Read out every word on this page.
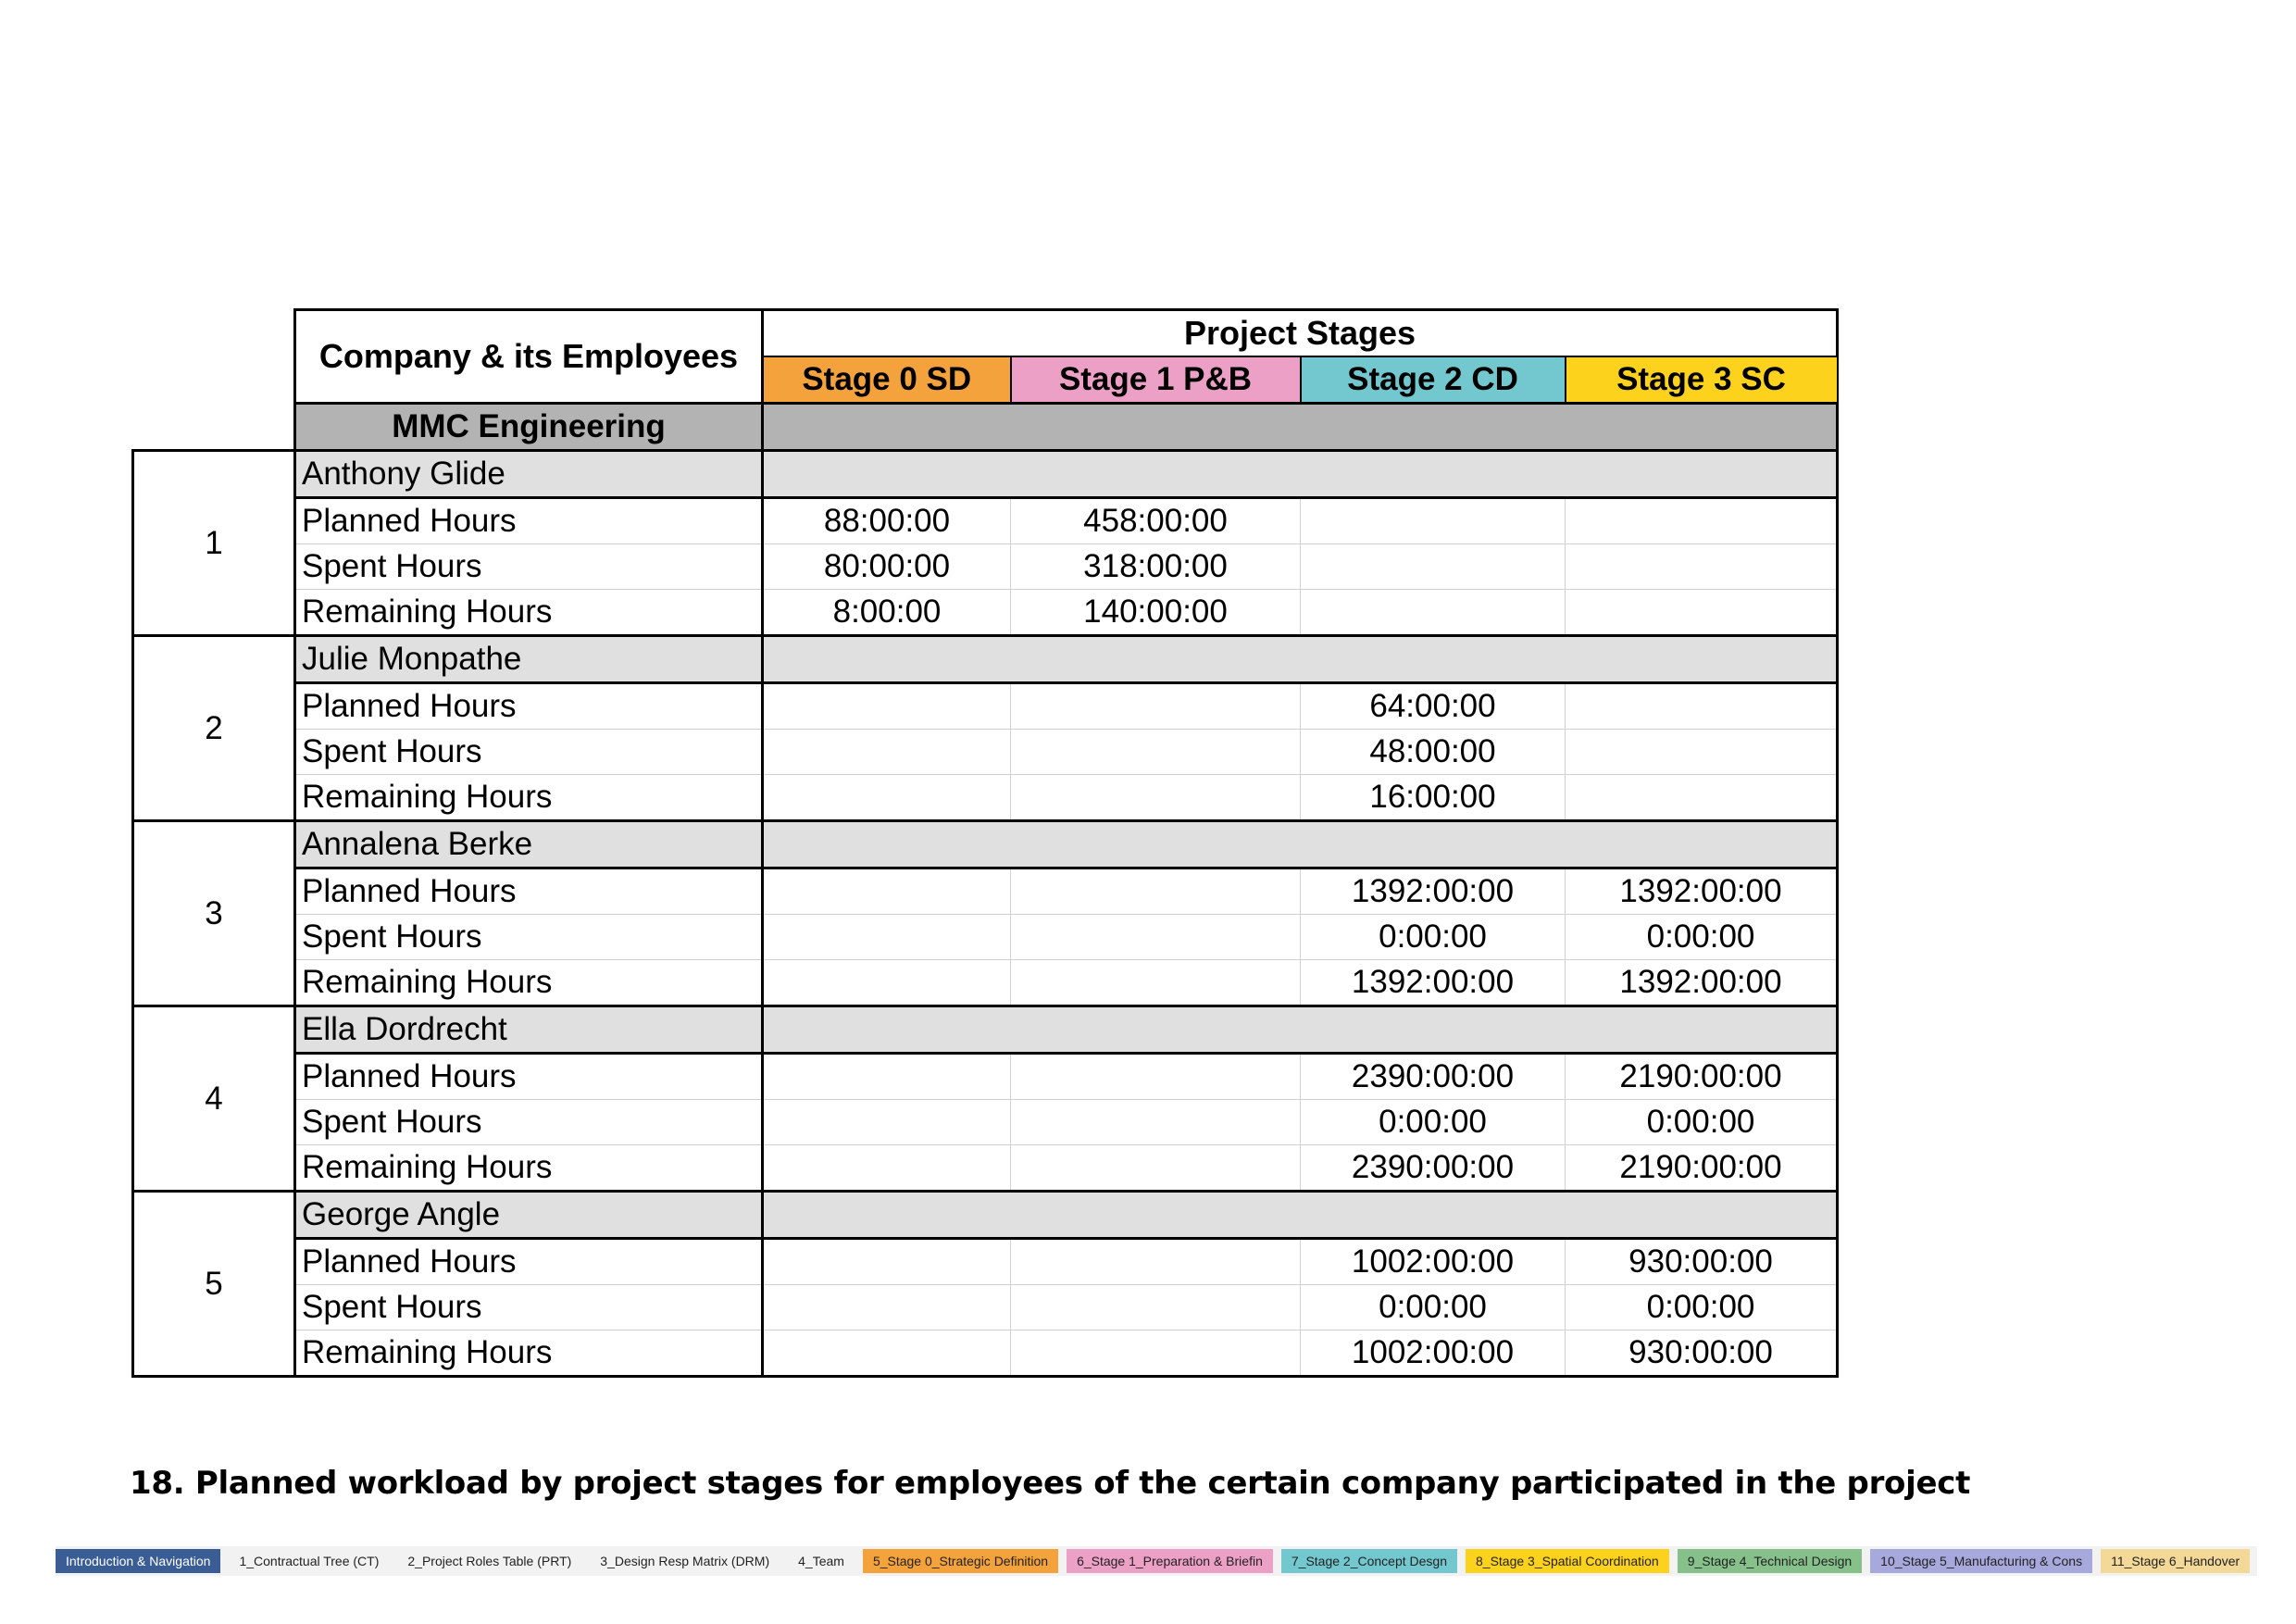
	Company & its Employees	Project Stages			
		Stage 0 SD	Stage 1 P&B	Stage 2 CD	Stage 3 SC
	MMC Engineering				
1	Anthony Glide				
	Planned Hours	88:00:00	458:00:00		
	Spent Hours	80:00:00	318:00:00		
	Remaining Hours	8:00:00	140:00:00		
2	Julie Monpathe				
	Planned Hours			64:00:00	
	Spent Hours			48:00:00	
	Remaining Hours			16:00:00	
3	Annalena Berke				
	Planned Hours			1392:00:00	1392:00:00
	Spent Hours			0:00:00	0:00:00
	Remaining Hours			1392:00:00	1392:00:00
4	Ella Dordrecht				
	Planned Hours			2390:00:00	2190:00:00
	Spent Hours			0:00:00	0:00:00
	Remaining Hours			2390:00:00	2190:00:00
5	George Angle				
	Planned Hours			1002:00:00	930:00:00
	Spent Hours			0:00:00	0:00:00
	Remaining Hours			1002:00:00	930:00:00
18. Planned workload by project stages for employees of the certain company participated in the project
Introduction & Navigation	1_Contractual Tree (CT)	2_Project Roles Table (PRT)	3_Design Resp Matrix (DRM)	4_Team	5_Stage 0_Strategic Definition	6_Stage 1_Preparation & Briefin	7_Stage 2_Concept Desgn	8_Stage 3_Spatial Coordination	9_Stage 4_Technical Design	10_Stage 5_Manufacturing & Cons	11_Stage 6_Handover
